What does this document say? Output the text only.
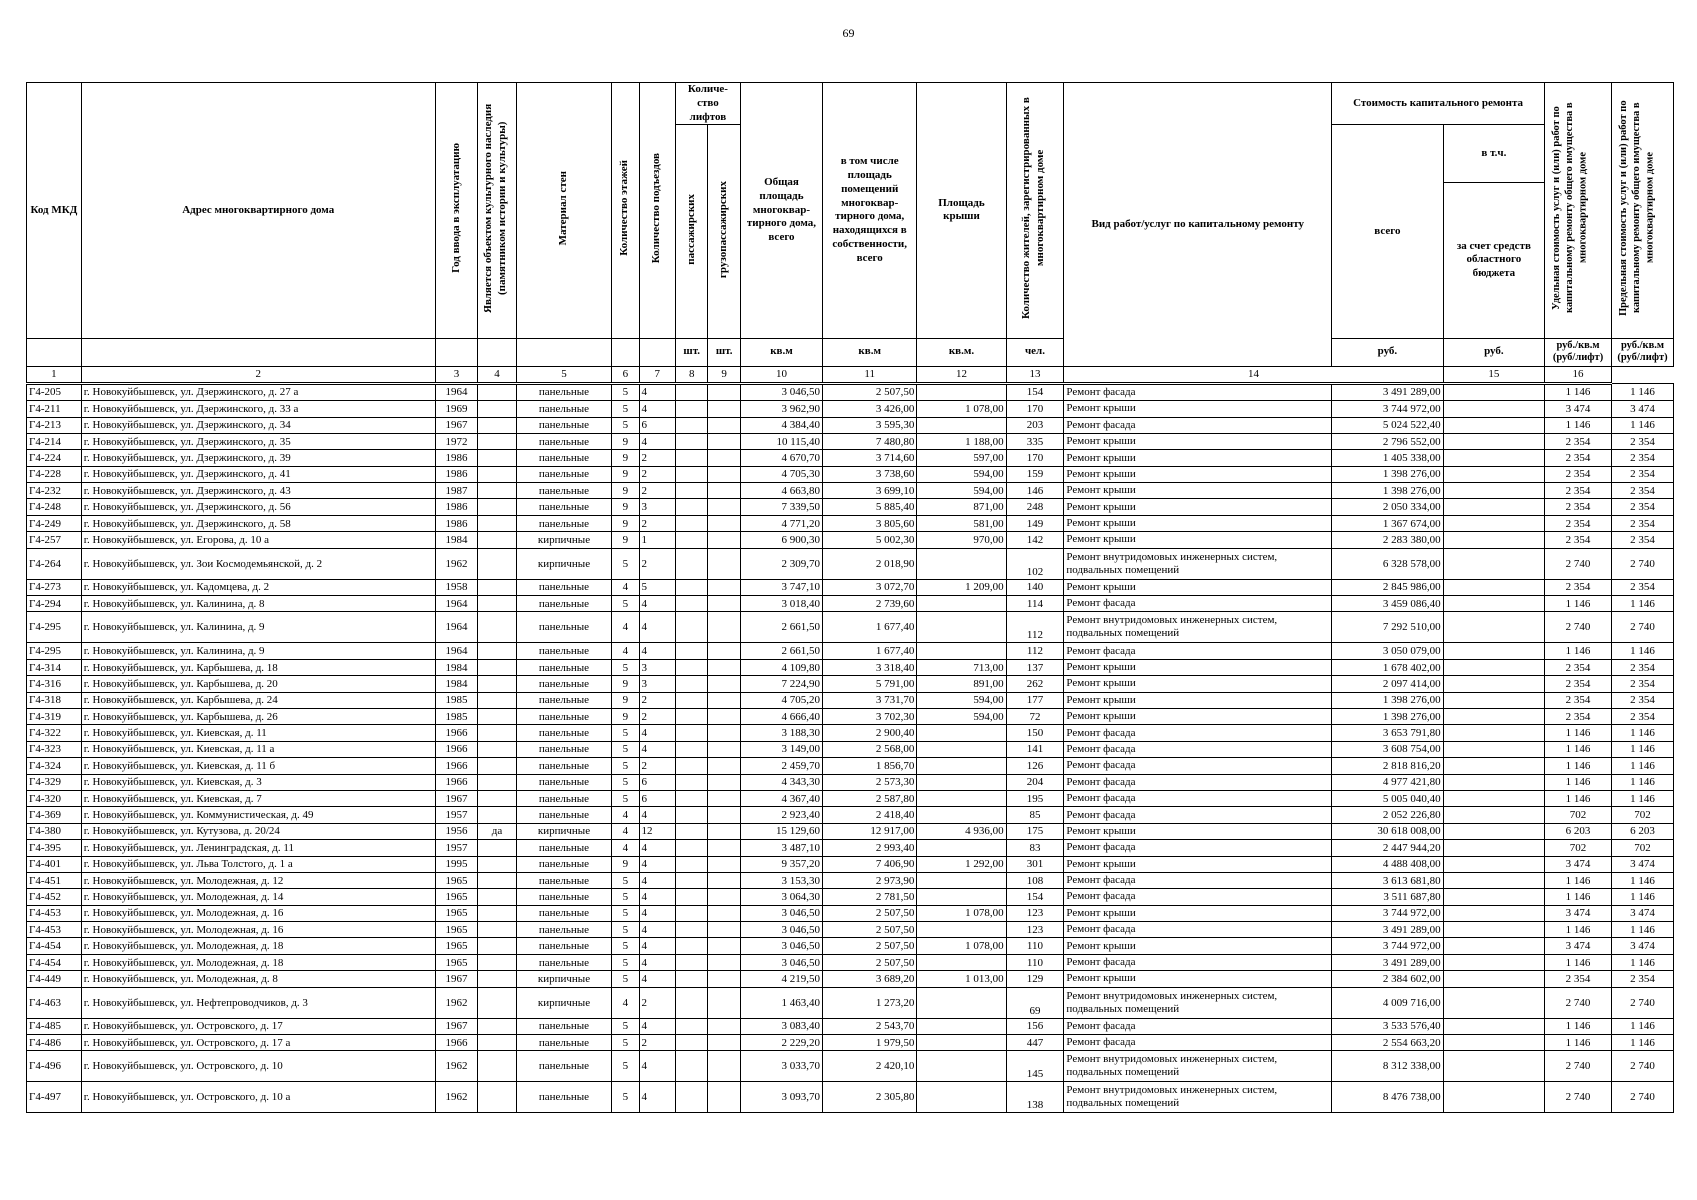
69
Код МКД	Адрес многоквартирного дома	Год ввода в эксплуатацию	Является объектом культурного наследия (памятником истории и культуры)	Материал стен	Количество этажей	Количество подъездов	Количе-ство лифтов		Общая площадь многоквар-тирного дома, всего	в том числе площадь помещений многоквар-тирного дома, находящихся в собственности, всего	Площадь крыши	Количество жителей, зарегистрированных в многоквартирном доме	Вид работ/услуг по капитальному ремонту	Стоимость капитального ремонта		Удельная стоимость услуг и (или) работ по капитальному ремонту общего имущества в многоквартирном доме	Предельная стоимость услуг и (или) работ по капитальному ремонту общего имущества в многоквартирном доме
							пассажирских	грузопассажирских						всего	в т.ч.		
															за счет средств областного бюджета		
							шт.	шт.	кв.м	кв.м	кв.м.	чел.		руб.	руб.	руб./кв.м (руб/лифт)	руб./кв.м (руб/лифт)
1	2	3	4	5	6	7	8	9	10	11	12	13	14		15	16	
Г4-205	г. Новокуйбышевск, ул. Дзержинского, д. 27 а	1964		панельные	5	4			3 046,50	2 507,50		154	Ремонт фасада	3 491 289,00		1 146	1 146
Г4-211	г. Новокуйбышевск, ул. Дзержинского, д. 33 а	1969		панельные	5	4			3 962,90	3 426,00	1 078,00	170	Ремонт крыши	3 744 972,00		3 474	3 474
Г4-213	г. Новокуйбышевск, ул. Дзержинского, д. 34	1967		панельные	5	6			4 384,40	3 595,30		203	Ремонт фасада	5 024 522,40		1 146	1 146
Г4-214	г. Новокуйбышевск, ул. Дзержинского, д. 35	1972		панельные	9	4			10 115,40	7 480,80	1 188,00	335	Ремонт крыши	2 796 552,00		2 354	2 354
Г4-224	г. Новокуйбышевск, ул. Дзержинского, д. 39	1986		панельные	9	2			4 670,70	3 714,60	597,00	170	Ремонт крыши	1 405 338,00		2 354	2 354
Г4-228	г. Новокуйбышевск, ул. Дзержинского, д. 41	1986		панельные	9	2			4 705,30	3 738,60	594,00	159	Ремонт крыши	1 398 276,00		2 354	2 354
Г4-232	г. Новокуйбышевск, ул. Дзержинского, д. 43	1987		панельные	9	2			4 663,80	3 699,10	594,00	146	Ремонт крыши	1 398 276,00		2 354	2 354
Г4-248	г. Новокуйбышевск, ул. Дзержинского, д. 56	1986		панельные	9	3			7 339,50	5 885,40	871,00	248	Ремонт крыши	2 050 334,00		2 354	2 354
Г4-249	г. Новокуйбышевск, ул. Дзержинского, д. 58	1986		панельные	9	2			4 771,20	3 805,60	581,00	149	Ремонт крыши	1 367 674,00		2 354	2 354
Г4-257	г. Новокуйбышевск, ул. Егорова, д. 10 а	1984		кирпичные	9	1			6 900,30	5 002,30	970,00	142	Ремонт крыши	2 283 380,00		2 354	2 354
Г4-264	г. Новокуйбышевск, ул. Зои Космодемьянской, д. 2	1962		кирпичные	5	2			2 309,70	2 018,90		102	Ремонт внутридомовых инженерных систем, подвальных помещений	6 328 578,00		2 740	2 740
Г4-273	г. Новокуйбышевск, ул. Кадомцева, д. 2	1958		панельные	4	5			3 747,10	3 072,70	1 209,00	140	Ремонт крыши	2 845 986,00		2 354	2 354
Г4-294	г. Новокуйбышевск, ул. Калинина, д. 8	1964		панельные	5	4			3 018,40	2 739,60		114	Ремонт фасада	3 459 086,40		1 146	1 146
Г4-295	г. Новокуйбышевск, ул. Калинина, д. 9	1964		панельные	4	4			2 661,50	1 677,40		112	Ремонт внутридомовых инженерных систем, подвальных помещений	7 292 510,00		2 740	2 740
Г4-295	г. Новокуйбышевск, ул. Калинина, д. 9	1964		панельные	4	4			2 661,50	1 677,40		112	Ремонт фасада	3 050 079,00		1 146	1 146
Г4-314	г. Новокуйбышевск, ул. Карбышева, д. 18	1984		панельные	5	3			4 109,80	3 318,40	713,00	137	Ремонт крыши	1 678 402,00		2 354	2 354
Г4-316	г. Новокуйбышевск, ул. Карбышева, д. 20	1984		панельные	9	3			7 224,90	5 791,00	891,00	262	Ремонт крыши	2 097 414,00		2 354	2 354
Г4-318	г. Новокуйбышевск, ул. Карбышева, д. 24	1985		панельные	9	2			4 705,20	3 731,70	594,00	177	Ремонт крыши	1 398 276,00		2 354	2 354
Г4-319	г. Новокуйбышевск, ул. Карбышева, д. 26	1985		панельные	9	2			4 666,40	3 702,30	594,00	72	Ремонт крыши	1 398 276,00		2 354	2 354
Г4-322	г. Новокуйбышевск, ул. Киевская, д. 11	1966		панельные	5	4			3 188,30	2 900,40		150	Ремонт фасада	3 653 791,80		1 146	1 146
Г4-323	г. Новокуйбышевск, ул. Киевская, д. 11 а	1966		панельные	5	4			3 149,00	2 568,00		141	Ремонт фасада	3 608 754,00		1 146	1 146
Г4-324	г. Новокуйбышевск, ул. Киевская, д. 11 б	1966		панельные	5	2			2 459,70	1 856,70		126	Ремонт фасада	2 818 816,20		1 146	1 146
Г4-329	г. Новокуйбышевск, ул. Киевская, д. 3	1966		панельные	5	6			4 343,30	2 573,30		204	Ремонт фасада	4 977 421,80		1 146	1 146
Г4-320	г. Новокуйбышевск, ул. Киевская, д. 7	1967		панельные	5	6			4 367,40	2 587,80		195	Ремонт фасада	5 005 040,40		1 146	1 146
Г4-369	г. Новокуйбышевск, ул. Коммунистическая, д. 49	1957		панельные	4	4			2 923,40	2 418,40		85	Ремонт фасада	2 052 226,80		702	702
Г4-380	г. Новокуйбышевск, ул. Кутузова, д. 20/24	1956	да	кирпичные	4	12			15 129,60	12 917,00	4 936,00	175	Ремонт крыши	30 618 008,00		6 203	6 203
Г4-395	г. Новокуйбышевск, ул. Ленинградская, д. 11	1957		панельные	4	4			3 487,10	2 993,40		83	Ремонт фасада	2 447 944,20		702	702
Г4-401	г. Новокуйбышевск, ул. Льва Толстого, д. 1 а	1995		панельные	9	4			9 357,20	7 406,90	1 292,00	301	Ремонт крыши	4 488 408,00		3 474	3 474
Г4-451	г. Новокуйбышевск, ул. Молодежная, д. 12	1965		панельные	5	4			3 153,30	2 973,90		108	Ремонт фасада	3 613 681,80		1 146	1 146
Г4-452	г. Новокуйбышевск, ул. Молодежная, д. 14	1965		панельные	5	4			3 064,30	2 781,50		154	Ремонт фасада	3 511 687,80		1 146	1 146
Г4-453	г. Новокуйбышевск, ул. Молодежная, д. 16	1965		панельные	5	4			3 046,50	2 507,50	1 078,00	123	Ремонт крыши	3 744 972,00		3 474	3 474
Г4-453	г. Новокуйбышевск, ул. Молодежная, д. 16	1965		панельные	5	4			3 046,50	2 507,50		123	Ремонт фасада	3 491 289,00		1 146	1 146
Г4-454	г. Новокуйбышевск, ул. Молодежная, д. 18	1965		панельные	5	4			3 046,50	2 507,50	1 078,00	110	Ремонт крыши	3 744 972,00		3 474	3 474
Г4-454	г. Новокуйбышевск, ул. Молодежная, д. 18	1965		панельные	5	4			3 046,50	2 507,50		110	Ремонт фасада	3 491 289,00		1 146	1 146
Г4-449	г. Новокуйбышевск, ул. Молодежная, д. 8	1967		кирпичные	5	4			4 219,50	3 689,20	1 013,00	129	Ремонт крыши	2 384 602,00		2 354	2 354
Г4-463	г. Новокуйбышевск, ул. Нефтепроводчиков, д. 3	1962		кирпичные	4	2			1 463,40	1 273,20		69	Ремонт внутридомовых инженерных систем, подвальных помещений	4 009 716,00		2 740	2 740
Г4-485	г. Новокуйбышевск, ул. Островского, д. 17	1967		панельные	5	4			3 083,40	2 543,70		156	Ремонт фасада	3 533 576,40		1 146	1 146
Г4-486	г. Новокуйбышевск, ул. Островского, д. 17 а	1966		панельные	5	2			2 229,20	1 979,50		447	Ремонт фасада	2 554 663,20		1 146	1 146
Г4-496	г. Новокуйбышевск, ул. Островского, д. 10	1962		панельные	5	4			3 033,70	2 420,10		145	Ремонт внутридомовых инженерных систем, подвальных помещений	8 312 338,00		2 740	2 740
Г4-497	г. Новокуйбышевск, ул. Островского, д. 10 а	1962		панельные	5	4			3 093,70	2 305,80		138	Ремонт внутридомовых инженерных систем, подвальных помещений	8 476 738,00		2 740	2 740
